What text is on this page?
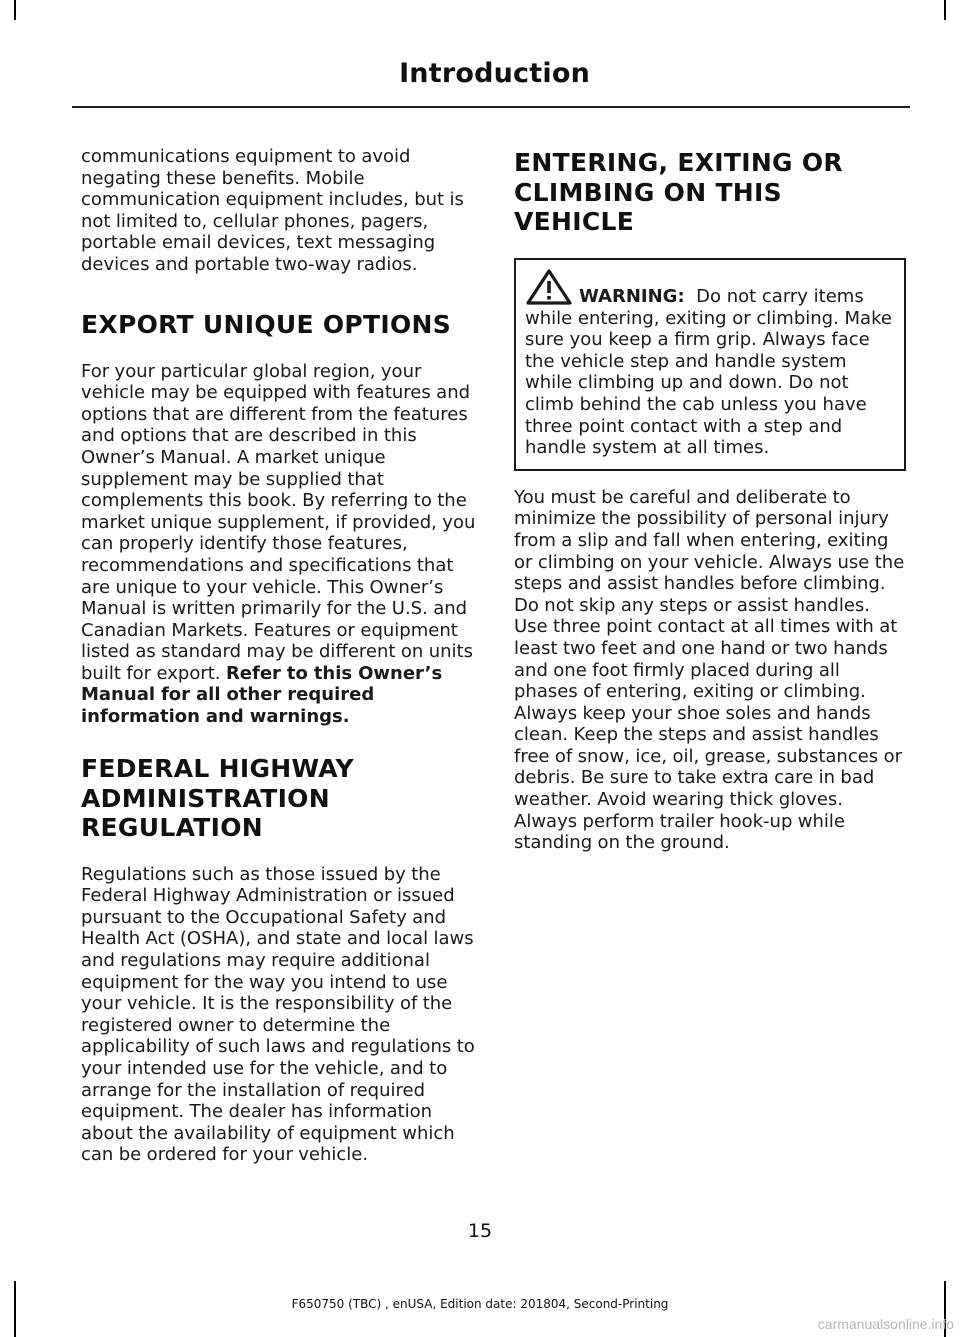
Introduction

communications equipment to avoid negating these benefits. Mobile communication equipment includes, but is not limited to, cellular phones, pagers, portable email devices, text messaging devices and portable two-way radios.

EXPORT UNIQUE OPTIONS

For your particular global region, your vehicle may be equipped with features and options that are different from the features and options that are described in this Owner’s Manual. A market unique supplement may be supplied that complements this book. By referring to the market unique supplement, if provided, you can properly identify those features, recommendations and specifications that are unique to your vehicle. This Owner’s Manual is written primarily for the U.S. and Canadian Markets. Features or equipment listed as standard may be different on units built for export. Refer to this Owner’s Manual for all other required information and warnings.

FEDERAL HIGHWAY
ADMINISTRATION
REGULATION

Regulations such as those issued by the Federal Highway Administration or issued pursuant to the Occupational Safety and Health Act (OSHA), and state and local laws and regulations may require additional equipment for the way you intend to use your vehicle. It is the responsibility of the registered owner to determine the applicability of such laws and regulations to your intended use for the vehicle, and to arrange for the installation of required equipment. The dealer has information about the availability of equipment which can be ordered for your vehicle.

ENTERING, EXITING OR
CLIMBING ON THIS VEHICLE

WARNING: Do not carry items while entering, exiting or climbing. Make sure you keep a firm grip. Always face the vehicle step and handle system while climbing up and down. Do not climb behind the cab unless you have three point contact with a step and handle system at all times.

You must be careful and deliberate to minimize the possibility of personal injury from a slip and fall when entering, exiting or climbing on your vehicle. Always use the steps and assist handles before climbing. Do not skip any steps or assist handles. Use three point contact at all times with at least two feet and one hand or two hands and one foot firmly placed during all phases of entering, exiting or climbing. Always keep your shoe soles and hands clean. Keep the steps and assist handles free of snow, ice, oil, grease, substances or debris. Be sure to take extra care in bad weather. Avoid wearing thick gloves. Always perform trailer hook-up while standing on the ground.

15
F650750 (TBC) , enUSA, Edition date: 201804, Second-Printing
carmanualsonline.info
